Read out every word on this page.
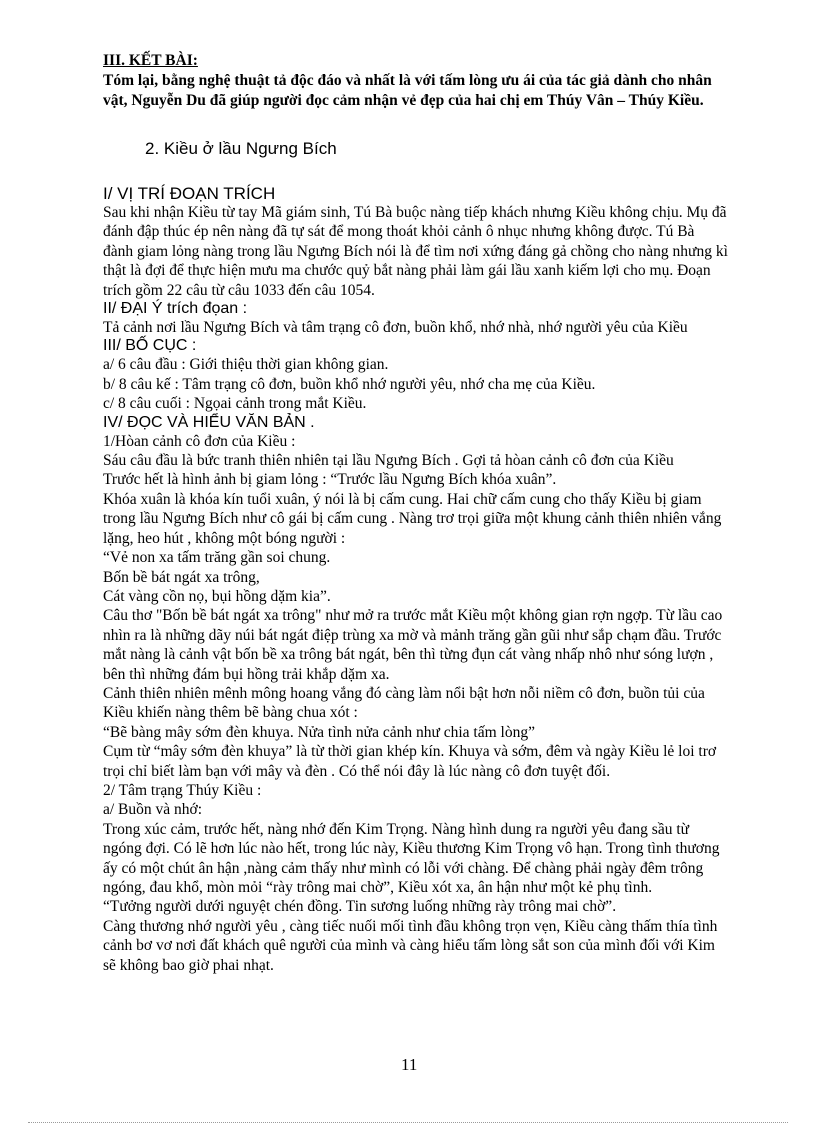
III. KẾT BÀI:

Tóm lại, bằng nghệ thuật tả độc đáo và nhất là với tấm lòng ưu ái của tác giả dành cho nhân vật, Nguyễn Du đã giúp người đọc cảm nhận vẻ đẹp của hai chị em Thúy Vân – Thúy Kiều.

2. Kiều ở lầu Ngưng Bích

I/ VỊ TRÍ ĐOẠN TRÍCH

Sau khi nhận Kiều từ tay Mã giám sinh, Tú Bà buộc nàng tiếp khách nhưng Kiều không chịu. Mụ đã đánh đập thúc ép nên nàng đã tự sát để mong thoát khỏi cảnh ô nhục nhưng không được. Tú Bà đành giam lỏng nàng trong lầu Ngưng Bích nói là để tìm nơi xứng đáng gả chồng cho nàng nhưng kì thật là đợi để thực hiện mưu ma chước quỷ bắt nàng phải làm gái lầu xanh kiếm lợi cho mụ. Đoạn trích gồm 22 câu từ câu 1033 đến câu 1054.

II/ ĐẠI Ý trích đọan :

Tả cảnh nơi lầu Ngưng Bích và tâm trạng cô đơn, buồn khổ, nhớ nhà, nhớ người yêu của Kiều

III/ BỐ CỤC :

a/ 6 câu đầu : Giới thiệu thời gian không gian.

b/ 8 câu kế : Tâm trạng cô đơn, buồn khổ nhớ người yêu, nhớ cha mẹ của Kiều.

c/ 8 câu cuối : Ngọai cảnh trong mắt Kiều.

IV/ ĐỌC VÀ HIỂU VĂN BẢN .

1/Hòan cảnh cô đơn của Kiều :

Sáu câu đầu là bức tranh thiên nhiên tại lầu Ngưng Bích . Gợi tả hòan cảnh cô đơn của Kiều

Trước hết là hình ảnh bị giam lỏng : “Trước lầu Ngưng Bích khóa xuân”.

Khóa xuân là khóa kín tuổi xuân, ý nói là bị cấm cung. Hai chữ cấm cung cho thấy Kiều bị giam trong lầu Ngưng Bích như cô gái bị cấm cung . Nàng trơ trọi giữa một khung cảnh thiên nhiên vắng lặng, heo hút , không một bóng người :

“Vẻ non xa tấm trăng gần soi chung.

Bốn bề bát ngát xa trông,

Cát vàng cồn nọ, bụi hồng dặm kia”.

Câu thơ "Bốn bề bát ngát xa trông" như mở ra trước mắt Kiều một không gian rợn ngợp. Từ lầu cao nhìn ra là những dãy núi bát ngát điệp trùng xa mờ và mảnh trăng gần gũi như sắp chạm đầu. Trước mắt nàng là cảnh vật bốn bề xa trông bát ngát, bên thì từng đụn cát vàng nhấp nhô như sóng lượn , bên thì những đám bụi hồng trải khắp dặm xa.

Cảnh thiên nhiên mênh mông hoang vắng đó càng làm nổi bật hơn nỗi niềm cô đơn, buồn tủi của Kiều khiến nàng thêm bẽ bàng chua xót :

“Bẽ bàng mây sớm đèn khuya. Nửa tình nửa cảnh như chia tấm lòng”

Cụm từ “mây sớm đèn khuya” là từ thời gian khép kín. Khuya và sớm, đêm và ngày Kiều lẻ loi trơ trọi chỉ biết làm bạn với mây và đèn . Có thể nói đây là lúc nàng cô đơn tuyệt đối.

2/ Tâm trạng Thúy Kiều :

a/ Buồn và nhớ:

Trong xúc cảm, trước hết, nàng nhớ đến Kim Trọng. Nàng hình dung ra người yêu đang sầu từ ngóng đợi. Có lẽ hơn lúc nào hết, trong lúc này, Kiều thương Kim Trọng vô hạn. Trong tình thương ấy có một chút ân hận ,nàng cảm thấy như mình có lỗi với chàng. Để chàng phải ngày đêm trông ngóng, đau khổ, mòn mỏi “rày trông mai chờ”, Kiều xót xa, ân hận như một kẻ phụ tình.

“Tưởng người dưới nguyệt chén đồng. Tin sương luống những rày trông mai chờ”.

Càng thương nhớ người yêu , càng tiếc nuối mối tình đầu không trọn vẹn, Kiều càng thấm thía tình cảnh bơ vơ nơi đất khách quê người của mình và càng hiểu tấm lòng sắt son của mình đối với Kim sẽ không bao giờ phai nhạt.

11
